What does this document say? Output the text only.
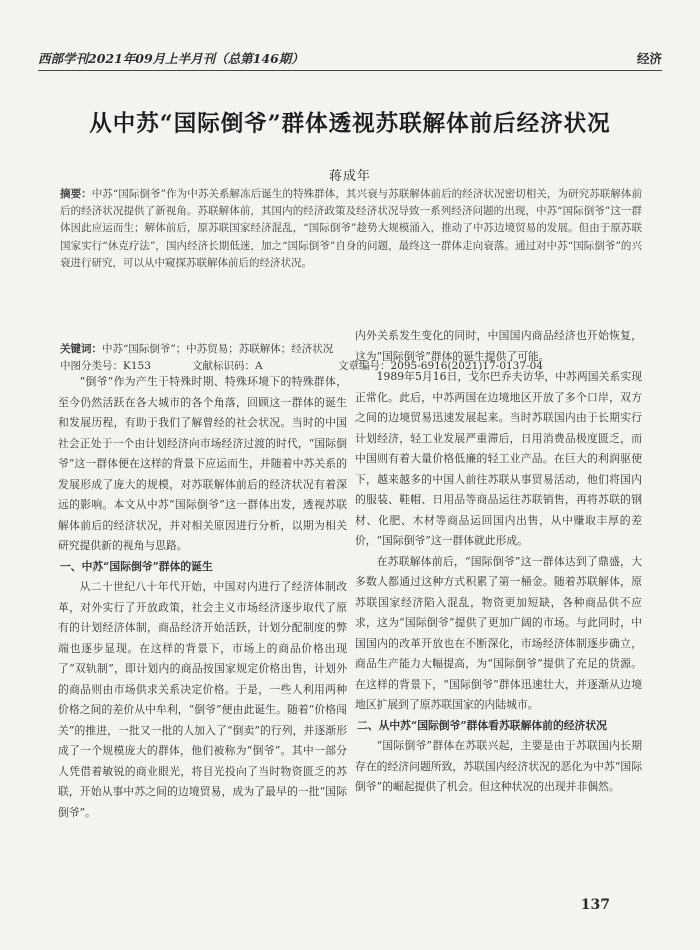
西部学刊2021年09月上半月刊（总第146期）	经济
从中苏“国际倒爷”群体透视苏联解体前后经济状况
蒋成年
摘要：中苏“国际倒爷”作为中苏关系解冻后诞生的特殊群体，其兴衰与苏联解体前后的经济状况密切相关，为研究苏联解体前后的经济状况提供了新视角。苏联解体前，其国内的经济政策及经济状况导致一系列经济问题的出现，中苏“国际倒爷”这一群体因此应运而生；解体前后，原苏联国家经济混乱，“国际倒爷”趁势大规模涌入，推动了中苏边境贸易的发展。但由于原苏联国家实行“休克疗法”，国内经济长期低迷，加之“国际倒爷”自身的问题，最终这一群体走向衰落。通过对中苏“国际倒爷”的兴衰进行研究，可以从中窥探苏联解体前后的经济状况。
关键词：中苏“国际倒爷”；中苏贸易；苏联解体；经济状况
中图分类号：K153	文献标识码：A	文章编号：2095-6916(2021)17-0137-04

“倒爷”作为产生于特殊时期、特殊环境下的特殊群体，至今仍然活跃在各大城市的各个角落，回顾这一群体的诞生和发展历程，有助于我们了解曾经的社会状况。当时的中国社会正处于一个由计划经济向市场经济过渡的时代，“国际倒爷”这一群体便在这样的背景下应运而生，并随着中苏关系的发展形成了庞大的规模，对苏联解体前后的经济状况有着深远的影响。本文从中苏“国际倒爷”这一群体出发，透视苏联解体前后的经济状况，并对相关原因进行分析，以期为相关研究提供新的视角与思路。

一、中苏“国际倒爷”群体的诞生

从二十世纪八十年代开始，中国对内进行了经济体制改革，对外实行了开放政策，社会主义市场经济逐步取代了原有的计划经济体制，商品经济开始活跃，计划分配制度的弊端也逐步显现。在这样的背景下，市场上的商品价格出现了“双轨制”，即计划内的商品按国家规定价格出售，计划外的商品则由市场供求关系决定价格。于是，一些人利用两种价格之间的差价从中牟利，“倒爷”便由此诞生。随着“价格闯关”的推进，一批又一批的人加入了“倒卖”的行列，并逐渐形成了一个规模庞大的群体，他们被称为“倒爷”。其中一部分人凭借着敏锐的商业眼光，将目光投向了当时物资匮乏的苏联，开始从事中苏之间的边境贸易，成为了最早的一批“国际倒爷”。

内外关系发生变化的同时，中国国内商品经济也开始恢复，这为“国际倒爷”群体的诞生提供了可能。

1989年5月16日，戈尔巴乔夫访华，中苏两国关系实现正常化。此后，中苏两国在边境地区开放了多个口岸，双方之间的边境贸易迅速发展起来。当时苏联国内由于长期实行计划经济，轻工业发展严重滞后，日用消费品极度匮乏，而中国则有着大量价格低廉的轻工业产品。在巨大的利润驱使下，越来越多的中国人前往苏联从事贸易活动，他们将国内的服装、鞋帽、日用品等商品运往苏联销售，再将苏联的钢材、化肥、木材等商品运回国内出售，从中赚取丰厚的差价，“国际倒爷”这一群体就此形成。

在苏联解体前后，“国际倒爷”这一群体达到了鼎盛，大多数人都通过这种方式积累了第一桶金。随着苏联解体，原苏联国家经济陷入混乱，物资更加短缺，各种商品供不应求，这为“国际倒爷”提供了更加广阔的市场。与此同时，中国国内的改革开放也在不断深化，市场经济体制逐步确立，商品生产能力大幅提高，为“国际倒爷”提供了充足的货源。在这样的背景下，“国际倒爷”群体迅速壮大，并逐渐从边境地区扩展到了原苏联国家的内陆城市。

二、从中苏“国际倒爷”群体看苏联解体前的经济状况

“国际倒爷”群体在苏联兴起，主要是由于苏联国内长期存在的经济问题所致，苏联国内经济状况的恶化为中苏“国际倒爷”的崛起提供了机会。但这种状况的出现并非偶然。

137
